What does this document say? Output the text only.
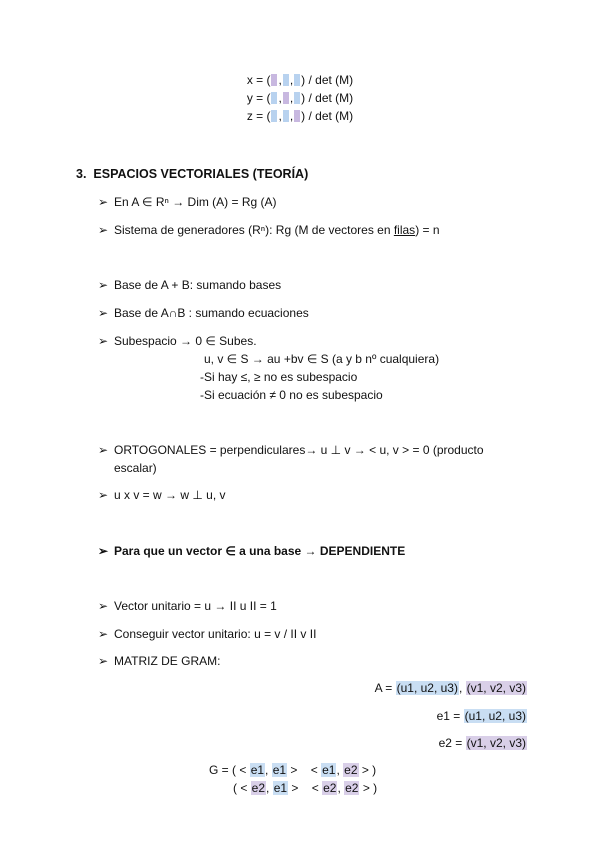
x = ( , , ) / det (M)
y = ( , , ) / det (M)
z = ( , , ) / det (M)
3. ESPACIOS VECTORIALES (TEORÍA)
➢ En A ∈ Rⁿ → Dim (A) = Rg (A)
➢ Sistema de generadores (Rⁿ): Rg (M de vectores en filas) = n
➢ Base de A + B: sumando bases
➢ Base de A∩B : sumando ecuaciones
➢ Subespacio → 0 ∈ Subes.
u, v ∈ S → au +bv ∈ S (a y b nº cualquiera)
-Si hay ≤, ≥ no es subespacio
-Si ecuación ≠ 0 no es subespacio
➢ ORTOGONALES = perpendiculares→ u ⊥ v → < u, v > = 0 (producto
escalar)
➢ u x v = w → w ⊥ u, v
➢ Para que un vector ∈ a una base → DEPENDIENTE
➢ Vector unitario = u → II u II = 1
➢ Conseguir vector unitario: u = v / II v II
➢ MATRIZ DE GRAM:
A = (u1, u2, u3), (v1, v2, v3)
e1 = (u1, u2, u3)
e2 = (v1, v2, v3)
G = ( < e1, e1 > < e1, e2 > )
( < e2, e1 > < e2, e2 > )
